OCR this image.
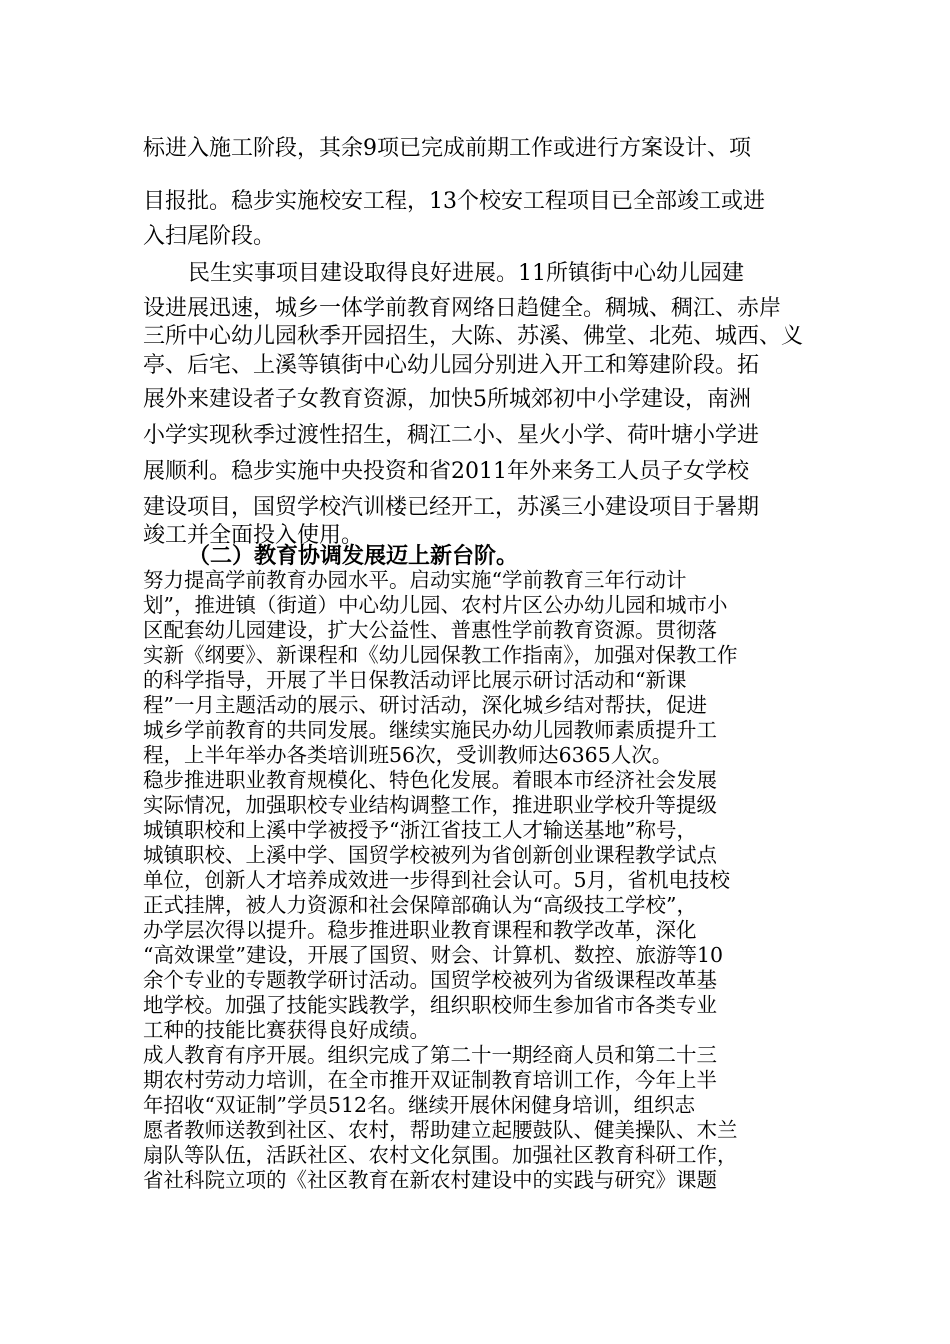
标进入施工阶段，其余9项已完成前期工作或进行方案设计、项
目报批。稳步实施校安工程，13个校安工程项目已全部竣工或进
入扫尾阶段。
民生实事项目建设取得良好进展。11所镇街中心幼儿园建
设进展迅速，城乡一体学前教育网络日趋健全。稠城、稠江、赤岸
三所中心幼儿园秋季开园招生，大陈、苏溪、佛堂、北苑、城西、义
亭、后宅、上溪等镇街中心幼儿园分别进入开工和筹建阶段。拓
展外来建设者子女教育资源，加快5所城郊初中小学建设，南洲
小学实现秋季过渡性招生，稠江二小、星火小学、荷叶塘小学进
展顺利。稳步实施中央投资和省2011年外来务工人员子女学校
建设项目，国贸学校汽训楼已经开工，苏溪三小建设项目于暑期
竣工并全面投入使用。
（二）教育协调发展迈上新台阶。
努力提高学前教育办园水平。启动实施“学前教育三年行动计
划”，推进镇（街道）中心幼儿园、农村片区公办幼儿园和城市小
区配套幼儿园建设，扩大公益性、普惠性学前教育资源。贯彻落
实新《纲要》、新课程和《幼儿园保教工作指南》，加强对保教工作
的科学指导，开展了半日保教活动评比展示研讨活动和“新课
程”一月主题活动的展示、研讨活动，深化城乡结对帮扶，促进
城乡学前教育的共同发展。继续实施民办幼儿园教师素质提升工
程，上半年举办各类培训班56次，受训教师达6365人次。
稳步推进职业教育规模化、特色化发展。着眼本市经济社会发展
实际情况，加强职校专业结构调整工作，推进职业学校升等提级
城镇职校和上溪中学被授予“浙江省技工人才输送基地”称号，
城镇职校、上溪中学、国贸学校被列为省创新创业课程教学试点
单位，创新人才培养成效进一步得到社会认可。5月，省机电技校
正式挂牌，被人力资源和社会保障部确认为“高级技工学校”，
办学层次得以提升。稳步推进职业教育课程和教学改革，深化
“高效课堂”建设，开展了国贸、财会、计算机、数控、旅游等10
余个专业的专题教学研讨活动。国贸学校被列为省级课程改革基
地学校。加强了技能实践教学，组织职校师生参加省市各类专业
工种的技能比赛获得良好成绩。
成人教育有序开展。组织完成了第二十一期经商人员和第二十三
期农村劳动力培训，在全市推开双证制教育培训工作，今年上半
年招收“双证制”学员512名。继续开展休闲健身培训，组织志
愿者教师送教到社区、农村，帮助建立起腰鼓队、健美操队、木兰
扇队等队伍，活跃社区、农村文化氛围。加强社区教育科研工作，
省社科院立项的《社区教育在新农村建设中的实践与研究》课题
